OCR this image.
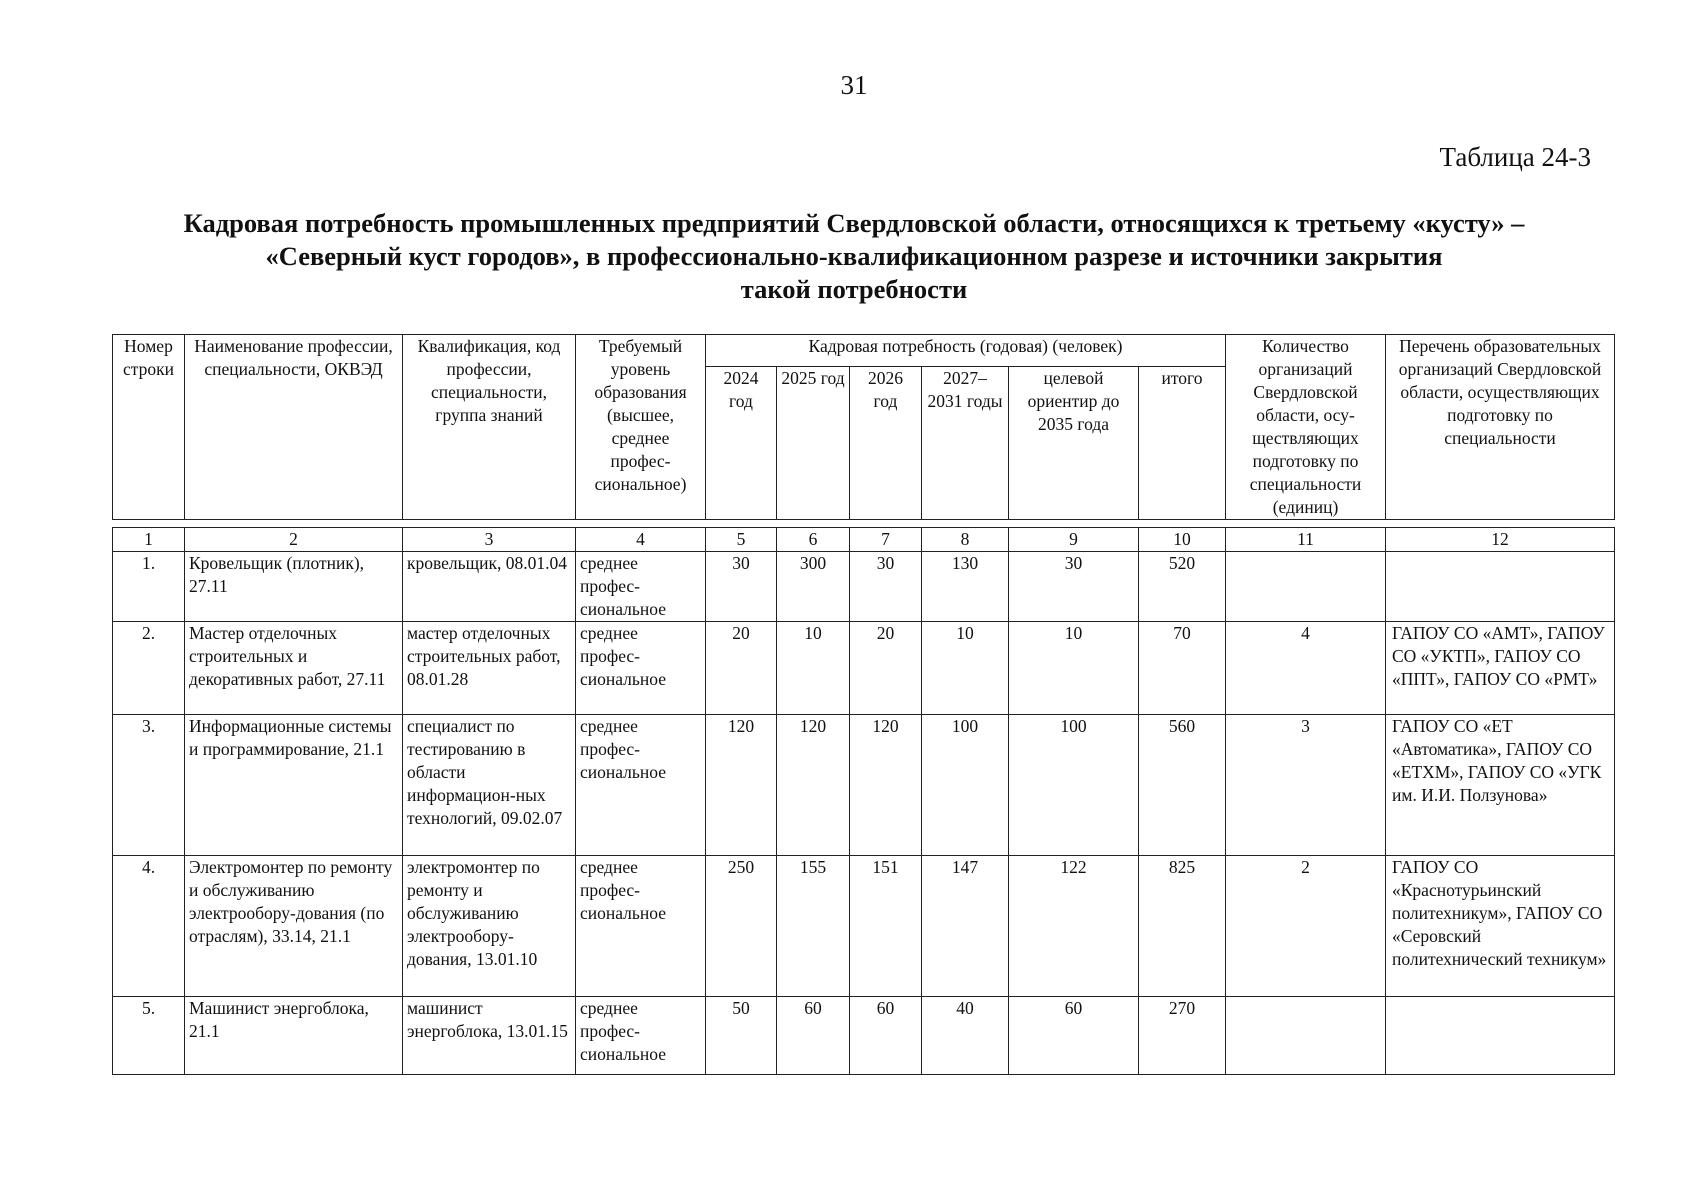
31
Таблица 24-3
Кадровая потребность промышленных предприятий Свердловской области, относящихся к третьему «кусту» –
«Северный куст городов», в профессионально-квалификационном разрезе и источники закрытия
такой потребности
Номер строки	Наименование профессии, специальности, ОКВЭД	Квалификация, код профессии, специальности, группа знаний	Требуемый уровень образования (высшее, среднее профес-сиональное)	Кадровая потребность (годовая) (человек)						Количество организаций Свердловской области, осу-ществляющих подготовку по специальности (единиц)	Перечень образовательных организаций Свердловской области, осуществляющих подготовку по специальности
				2024 год	2025 год	2026 год	2027– 2031 годы	целевой ориентир до 2035 года	итого		
1	2	3	4	5	6	7	8	9	10	11	12
1.	Кровельщик (плотник), 27.11	кровельщик, 08.01.04	среднее профес-сиональное	30	300	30	130	30	520		
2.	Мастер отделочных строительных и декоративных работ, 27.11	мастер отделочных строительных работ, 08.01.28	среднее профес-сиональное	20	10	20	10	10	70	4	ГАПОУ СО «АМТ», ГАПОУ СО «УКТП», ГАПОУ СО «ППТ», ГАПОУ СО «РМТ»
3.	Информационные системы и программирование, 21.1	специалист по тестированию в области информацион-ных технологий, 09.02.07	среднее профес-сиональное	120	120	120	100	100	560	3	ГАПОУ СО «ЕТ «Автоматика», ГАПОУ СО «ЕТХМ», ГАПОУ СО «УГК им. И.И. Ползунова»
4.	Электромонтер по ремонту и обслуживанию электрообору-дования (по отраслям), 33.14, 21.1	электромонтер по ремонту и обслуживанию электрообору-дования, 13.01.10	среднее профес-сиональное	250	155	151	147	122	825	2	ГАПОУ СО «Краснотурьинский политехникум», ГАПОУ СО «Серовский политехнический техникум»
5.	Машинист энергоблока, 21.1	машинист энергоблока, 13.01.15	среднее профес-сиональное	50	60	60	40	60	270		
